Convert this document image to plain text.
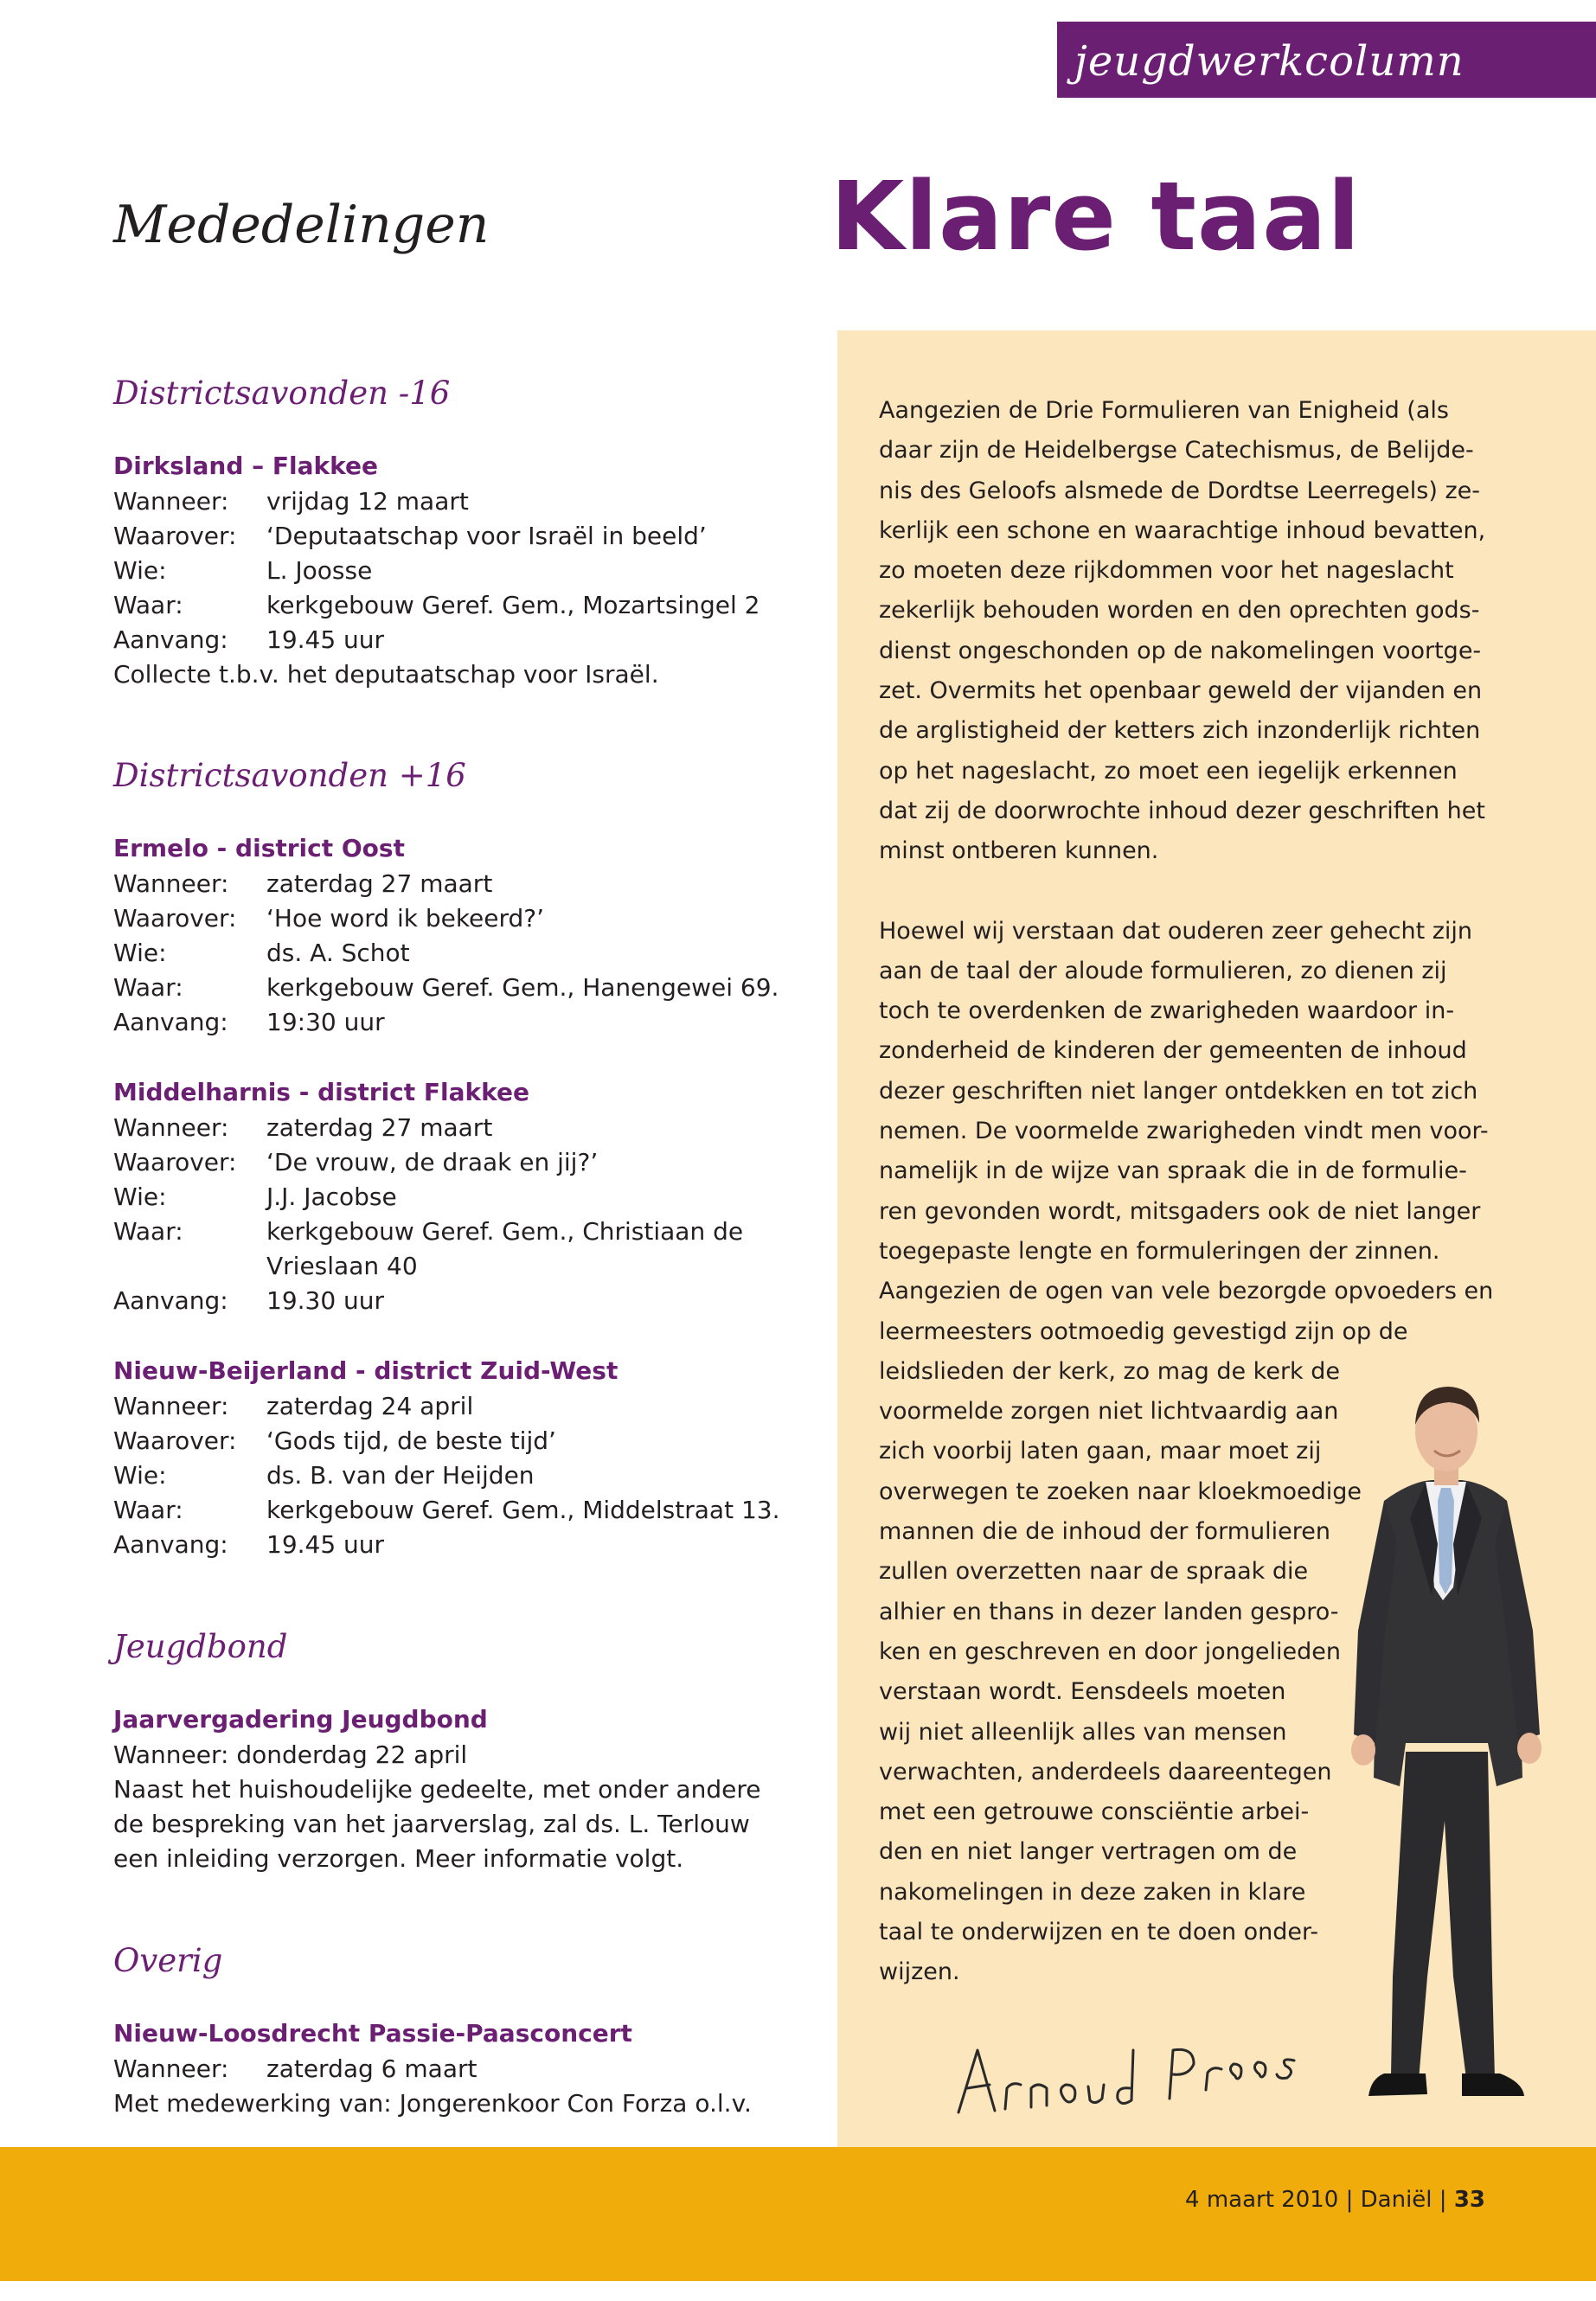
jeugdwerkcolumn
Mededelingen	Klare taal
Districtsavonden -16
Dirksland – Flakkee
Wanneer: vrijdag 12 maart
Waarover: ‘Deputaatschap voor Israël in beeld’
Wie:	L. Joosse
Waar:	kerkgebouw Geref. Gem., Mozartsingel 2
Aanvang: 19.45 uur
Collecte t.b.v. het deputaatschap voor Israël.
Districtsavonden +16
Ermelo - district Oost
Wanneer: zaterdag 27 maart
Waarover: ‘Hoe word ik bekeerd?’
Wie:	ds. A. Schot
Waar:	kerkgebouw Geref. Gem., Hanengewei 69.
Aanvang: 19:30 uur
Middelharnis - district Flakkee
Wanneer: zaterdag 27 maart
Waarover: ‘De vrouw, de draak en jij?’
Wie:	J.J. Jacobse
Waar:	kerkgebouw Geref. Gem., Christiaan de
Vrieslaan 40
Aanvang: 19.30 uur
Nieuw-Beijerland - district Zuid-West
Wanneer: zaterdag 24 april
Waarover: ‘Gods tijd, de beste tijd’
Wie:	ds. B. van der Heijden
Waar:	kerkgebouw Geref. Gem., Middelstraat 13.
Aanvang: 19.45 uur
Jeugdbond
Jaarvergadering Jeugdbond
Wanneer: donderdag 22 april
Naast het huishoudelijke gedeelte, met onder andere
de bespreking van het jaarverslag, zal ds. L. Terlouw
een inleiding verzorgen. Meer informatie volgt.
Overig
Nieuw-Loosdrecht Passie-Paasconcert
Wanneer: zaterdag 6 maart
Met medewerking van: Jongerenkoor Con Forza o.l.v.

Aangezien de Drie Formulieren van Enigheid (als
daar zijn de Heidelbergse Catechismus, de Belijde-
nis des Geloofs alsmede de Dordtse Leerregels) ze-
kerlijk een schone en waarachtige inhoud bevatten,
zo moeten deze rijkdommen voor het nageslacht
zekerlijk behouden worden en den oprechten gods-
dienst ongeschonden op de nakomelingen voortge-
zet. Overmits het openbaar geweld der vijanden en
de arglistigheid der ketters zich inzonderlijk richten
op het nageslacht, zo moet een iegelijk erkennen
dat zij de doorwrochte inhoud dezer geschriften het
minst ontberen kunnen.

Hoewel wij verstaan dat ouderen zeer gehecht zijn
aan de taal der aloude formulieren, zo dienen zij
toch te overdenken de zwarigheden waardoor in-
zonderheid de kinderen der gemeenten de inhoud
dezer geschriften niet langer ontdekken en tot zich
nemen. De voormelde zwarigheden vindt men voor-
namelijk in de wijze van spraak die in de formulie-
ren gevonden wordt, mitsgaders ook de niet langer
toegepaste lengte en formuleringen der zinnen.
Aangezien de ogen van vele bezorgde opvoeders en
leermeesters ootmoedig gevestigd zijn op de
leidslieden der kerk, zo mag de kerk de
voormelde zorgen niet lichtvaardig aan
zich voorbij laten gaan, maar moet zij
overwegen te zoeken naar kloekmoedige
mannen die de inhoud der formulieren
zullen overzetten naar de spraak die
alhier en thans in dezer landen gespro-
ken en geschreven en door jongelieden
verstaan wordt. Eensdeels moeten
wij niet alleenlijk alles van mensen
verwachten, anderdeels daareentegen
met een getrouwe consciëntie arbei-
den en niet langer vertragen om de
nakomelingen in deze zaken in klare
taal te onderwijzen en te doen onder-
wijzen.

4 maart 2010 | Daniël | 33
